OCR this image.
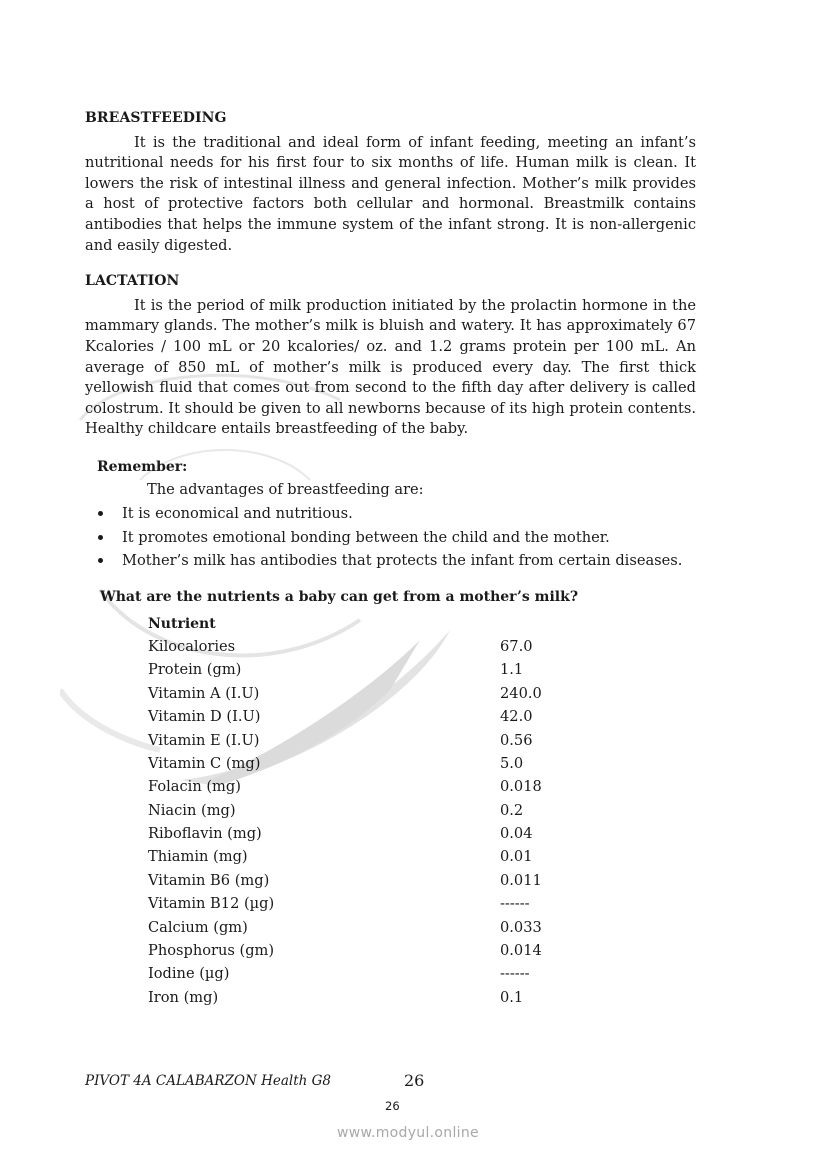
BREASTFEEDING

It is the traditional and ideal form of infant feeding, meeting an infant’s nutritional needs for his first four to six months of life. Human milk is clean. It lowers the risk of intestinal illness and general infection. Mother’s milk provides a host of protective factors both cellular and hormonal. Breastmilk contains antibodies that helps the immune system of the infant strong. It is non-allergenic and easily digested.

LACTATION

It is the period of milk production initiated by the prolactin hormone in the mammary glands. The mother’s milk is bluish and watery. It has approximately 67 Kcalories / 100 mL or 20 kcalories/ oz. and 1.2 grams protein per 100 mL. An average of 850 mL of mother’s milk is produced every day. The first thick yellowish fluid that comes out from second to the fifth day after delivery is called colostrum. It should be given to all newborns because of its high protein contents. Healthy childcare entails breastfeeding of the baby.

Remember:
The advantages of breastfeeding are:
It is economical and nutritious.
It promotes emotional bonding between the child and the mother.
Mother’s milk has antibodies that protects the infant from certain diseases.
What are the nutrients a baby can get from a mother’s milk?
Nutrient	
Kilocalories	67.0
Protein (gm)	1.1
Vitamin A (I.U)	240.0
Vitamin D (I.U)	42.0
Vitamin E (I.U)	0.56
Vitamin C (mg)	5.0
Folacin (mg)	0.018
Niacin (mg)	0.2
Riboflavin (mg)	0.04
Thiamin (mg)	0.01
Vitamin B6 (mg)	0.011
Vitamin B12 (µg)	------
Calcium (gm)	0.033
Phosphorus (gm)	0.014
Iodine (µg)	------
Iron (mg)	0.1
PIVOT 4A CALABARZON Health G8	26
26
www.modyul.online
